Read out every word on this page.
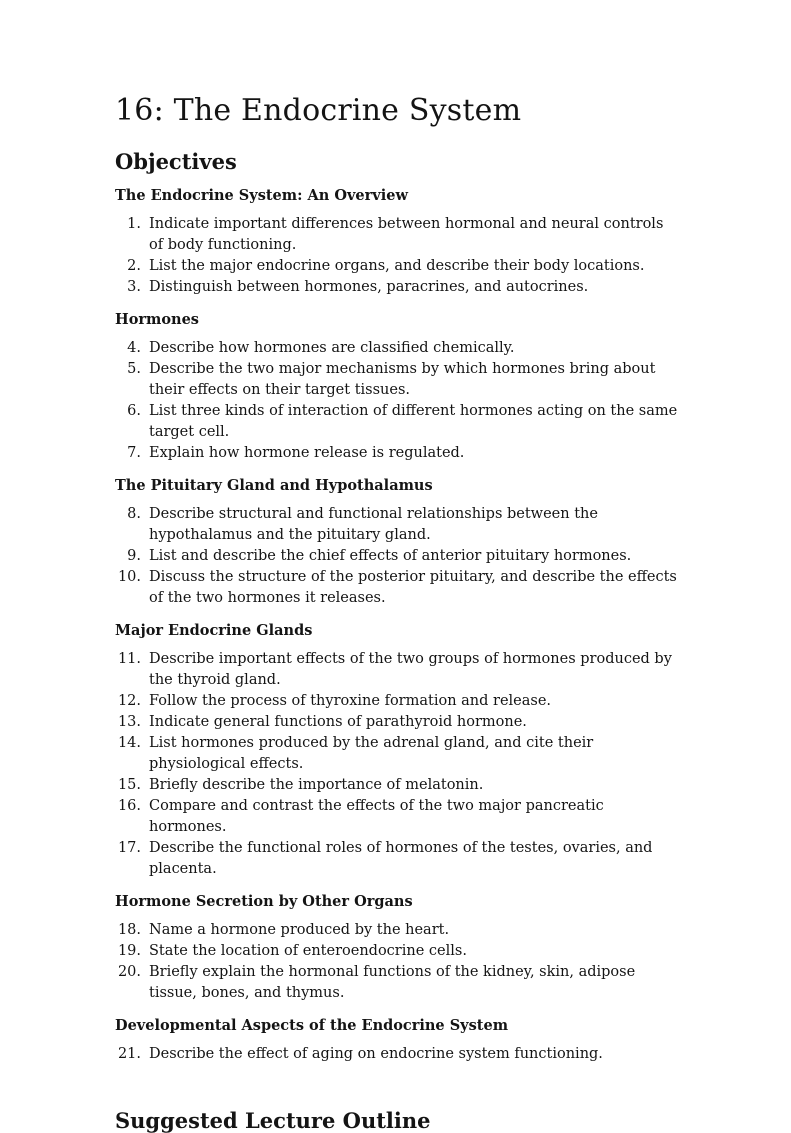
16: The Endocrine System
Objectives
The Endocrine System: An Overview
1. Indicate important differences between hormonal and neural controls of body functioning.
2. List the major endocrine organs, and describe their body locations.
3. Distinguish between hormones, paracrines, and autocrines.
Hormones
4. Describe how hormones are classified chemically.
5. Describe the two major mechanisms by which hormones bring about their effects on their target tissues.
6. List three kinds of interaction of different hormones acting on the same target cell.
7. Explain how hormone release is regulated.
The Pituitary Gland and Hypothalamus
8. Describe structural and functional relationships between the hypothalamus and the pituitary gland.
9. List and describe the chief effects of anterior pituitary hormones.
10. Discuss the structure of the posterior pituitary, and describe the effects of the two hormones it releases.
Major Endocrine Glands
11. Describe important effects of the two groups of hormones produced by the thyroid gland.
12. Follow the process of thyroxine formation and release.
13. Indicate general functions of parathyroid hormone.
14. List hormones produced by the adrenal gland, and cite their physiological effects.
15. Briefly describe the importance of melatonin.
16. Compare and contrast the effects of the two major pancreatic hormones.
17. Describe the functional roles of hormones of the testes, ovaries, and placenta.
Hormone Secretion by Other Organs
18. Name a hormone produced by the heart.
19. State the location of enteroendocrine cells.
20. Briefly explain the hormonal functions of the kidney, skin, adipose tissue, bones, and thymus.
Developmental Aspects of the Endocrine System
21. Describe the effect of aging on endocrine system functioning.
Suggested Lecture Outline
